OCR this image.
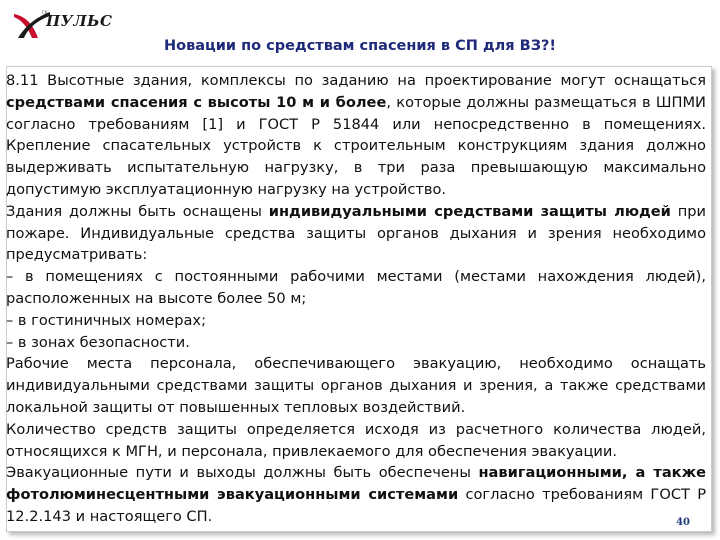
ГК
ПУЛЬС
Новации по средствам спасения в СП для ВЗ?!

8.11 Высотные здания, комплексы по заданию на проектирование могут оснащаться средствами спасения с высоты 10 м и более, которые должны размещаться в ШПМИ согласно требованиям [1] и ГОСТ Р 51844 или непосредственно в помещениях. Крепление спасательных устройств к строительным конструкциям здания должно выдерживать испытательную нагрузку, в три раза превышающую максимально допустимую эксплуатационную нагрузку на устройство.

Здания должны быть оснащены индивидуальными средствами защиты людей при пожаре. Индивидуальные средства защиты органов дыхания и зрения необходимо предусматривать:

– в помещениях с постоянными рабочими местами (местами нахождения людей), расположенных на высоте более 50 м;

– в гостиничных номерах;

– в зонах безопасности.

Рабочие места персонала, обеспечивающего эвакуацию, необходимо оснащать индивидуальными средствами защиты органов дыхания и зрения, а также средствами локальной защиты от повышенных тепловых воздействий.

Количество средств защиты определяется исходя из расчетного количества людей, относящихся к МГН, и персонала, привлекаемого для обеспечения эвакуации.

Эвакуационные пути и выходы должны быть обеспечены навигационными, а также фотолюминесцентными эвакуационными системами согласно требованиям ГОСТ Р 12.2.143 и настоящего СП.	40
